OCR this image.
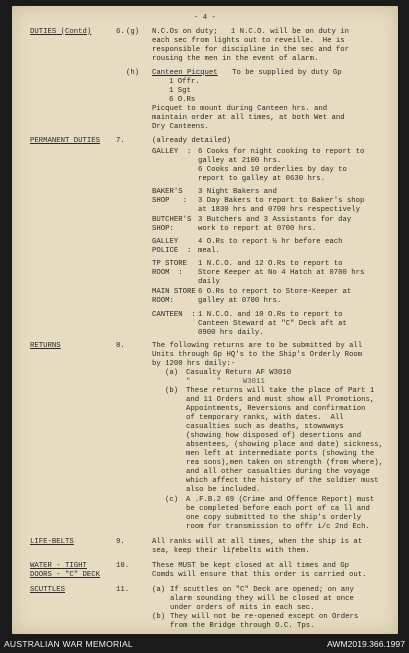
- 4 -
DUTIES (Contd)	6. (g) N.C.Os on duty;   1 N.C.O. will be on duty in
each sec from lights out to reveille.  He is
responsible for discipline in the sec and for
rousing the men in the event of alarm.
(h) Canteen Picquet To be supplied by duty Gp
1 Offr.
1 Sgt
6 O.Rs
Picquet to mount during Canteen hrs. and
maintain order at all times, at both Wet and
Dry Canteens.
PERMANENT DUTIES 7.	(already detailed)
GALLEY  : 6 Cooks for night cooking to report to
galley at 2100 hrs.
6 Cooks and 10 orderlies by day to
report to galley at 0630 hrs.
BAKER'S
SHOP   :
3 Night Bakers and
3 Day Bakers to report to Baker's shop
at 1830 hrs and 0700 hrs respectively
BUTCHER'S
SHOP:
3 Butchers and 3 Assistants for day
work to report at 0700 hrs.
GALLEY
POLICE  :
4 O.Rs to report ½ hr before each
meal.
TP STORE
ROOM  :
1 N.C.O. and 12 O.Rs to report to
Store Keeper at No 4 Hatch at 0700 hrs
daily
MAIN STORE
ROOM:
6 O.Rs to report to Store-Keeper at
galley at 0700 hrs.
CANTEEN  : 1 N.C.O. and 10 O.Rs to report to
Canteen Steward at "C" Deck aft at
0900 hrs daily.
RETURNS	8.	The following returns are to be submitted by all
Units through Gp HQ's to the Ship's Orderly Room
by 1200 hrs daily:-
(a) Casualty Return AF W3010
"      "     W3011
(b) These returns will take the place of Part 1
and 11 Orders and must show all Promotions,
Appointments, Reversions and confirmation
of temporary ranks, with dates.  All
casualties such as deaths, stowaways
(showing how disposed of) desertions and
absentees, (showing place and date) sickness,
men left at intermediate ports (showing the
rea sons),men taken on strength (from where),
and all other casualties during the voyage
which affect the history of the soldier must
also be included.
(c) A .F.B.2 69 (Crime and Offence Report) must
be completed before each port of ca ll and
one copy submitted to the ship's orderly
room for transmission to offr i/c 2nd Ech.
LIFE-BELTS	9.	All ranks will at all times, when the ship is at
sea, keep their liƒebelts with them.
WATER - TIGHT
DOORS - "C" DECK
10.	These MUST be kept closed at all times and Gp
Comds will ensure that this order is carried out.
SCUTTLES	11.	(a) If scuttles on "C" Deck are opened; on any
alarm sounding they will be closed at once
under orders of mits in each sec.
(b) They will not be re-opened except on Orders
from the Bridge through O.C. Tps.
AUSTRALIAN WAR MEMORIAL	AWM2019.366.1997
